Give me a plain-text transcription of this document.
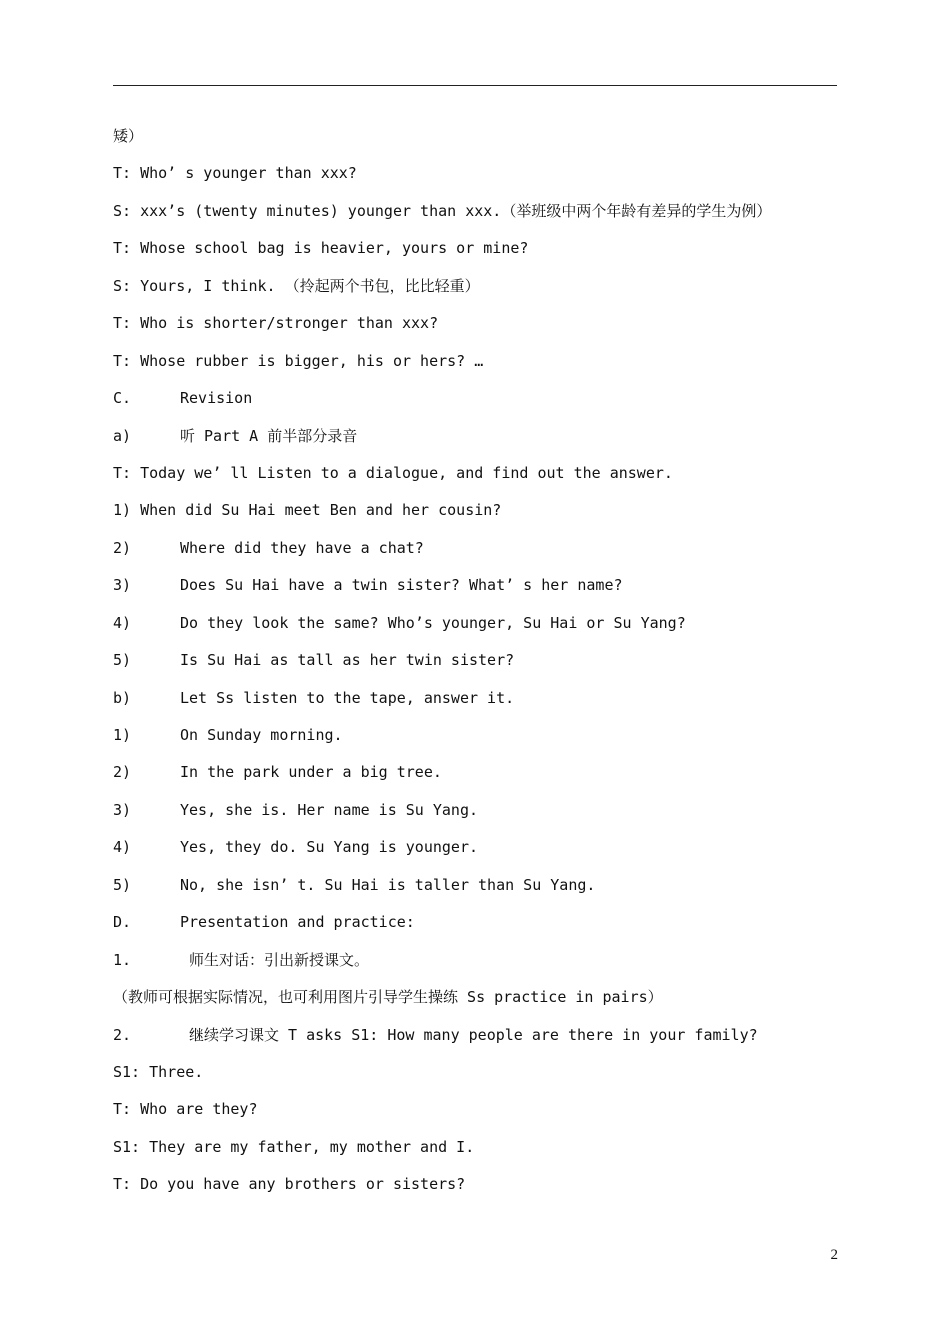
矮）
T: Who’ s younger than xxx?
S: xxx’s (twenty minutes) younger than xxx.（举班级中两个年龄有差异的学生为例）
T: Whose school bag is heavier, yours or mine?
S: Yours, I think. （拎起两个书包，比比轻重）
T: Who is shorter/stronger than xxx?
T: Whose rubber is bigger, his or hers? …
C.	Revision
a)	听 Part A 前半部分录音
T: Today we’ ll Listen to a dialogue, and find out the answer.
1) When did Su Hai meet Ben and her cousin?
2)	Where did they have a chat?
3)	Does Su Hai have a twin sister? What’ s her name?
4)	Do they look the same? Who’s younger, Su Hai or Su Yang?
5)	Is Su Hai as tall as her twin sister?
b)	Let Ss listen to the tape, answer it.
1)	On Sunday morning.
2)	In the park under a big tree.
3)	Yes, she is. Her name is Su Yang.
4)	Yes, they do. Su Yang is younger.
5)	No, she isn’ t. Su Hai is taller than Su Yang.
D.	Presentation and practice:
1.	师生对话：引出新授课文。
（教师可根据实际情况，也可利用图片引导学生操练 Ss practice in pairs）
2.	继续学习课文 T asks S1: How many people are there in your family?
S1: Three.
T: Who are they?
S1: They are my father, my mother and I.
T: Do you have any brothers or sisters?
2
